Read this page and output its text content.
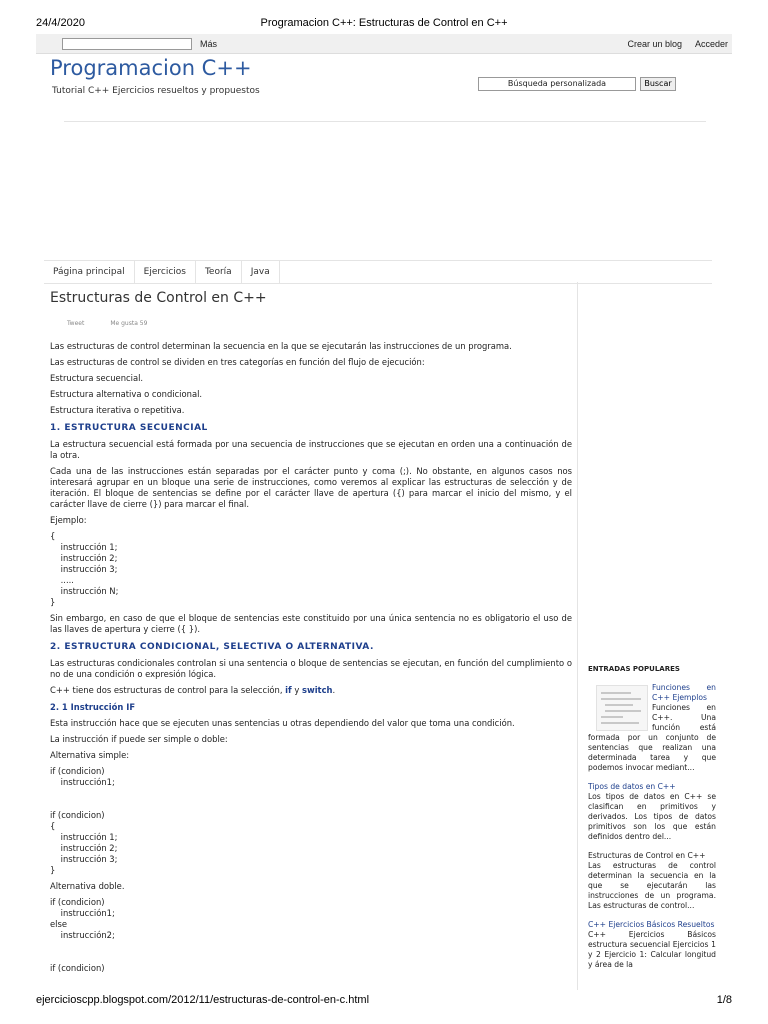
24/4/2020	Programacion C++: Estructuras de Control en C++
Más	Crear un blog Acceder
Programacion C++
Tutorial C++ Ejercicios resueltos y propuestos
Búsqueda personalizada	Buscar
Página principal	Ejercicios	Teoría	Java
Estructuras de Control en C++
Tweet	Me gusta 59
Las estructuras de control determinan la secuencia en la que se ejecutarán las instrucciones de un programa.
Las estructuras de control se dividen en tres categorías en función del flujo de ejecución:
Estructura secuencial.
Estructura alternativa o condicional.
Estructura iterativa o repetitiva.
1. ESTRUCTURA SECUENCIAL
La estructura secuencial está formada por una secuencia de instrucciones que se ejecutan en orden una a continuación de la otra.
Cada una de las instrucciones están separadas por el carácter punto y coma (;). No obstante, en algunos casos nos interesará agrupar en un bloque una serie de instrucciones, como veremos al explicar las estructuras de selección y de iteración. El bloque de sentencias se define por el carácter llave de apertura ({) para marcar el inicio del mismo, y el carácter llave de cierre (}) para marcar el final.
Ejemplo:
{
instrucción 1;
instrucción 2;
instrucción 3;
.....
instrucción N;
}
Sin embargo, en caso de que el bloque de sentencias este constituido por una única sentencia no es obligatorio el uso de las llaves de apertura y cierre ({ }).
2. ESTRUCTURA CONDICIONAL, SELECTIVA O ALTERNATIVA.
Las estructuras condicionales controlan si una sentencia o bloque de sentencias se ejecutan, en función del cumplimiento o no de una condición o expresión lógica.
C++ tiene dos estructuras de control para la selección, if y switch.
2. 1 Instrucción IF
Esta instrucción hace que se ejecuten unas sentencias u otras dependiendo del valor que toma una condición.
La instrucción if puede ser simple o doble:
Alternativa simple:
if (condicion)
instrucción1;

if (condicion)
{
instrucción 1;
instrucción 2;
instrucción 3;
}
Alternativa doble.
if (condicion)
instrucción1;
else
instrucción2;

if (condicion)
ENTRADAS POPULARES
Funciones en C++ Ejemplos
Funciones en C++. Una función está formada por un conjunto de sentencias que realizan una determinada tarea y que podemos invocar mediant...
Tipos de datos en C++
Los tipos de datos en C++ se clasifican en primitivos y derivados. Los tipos de datos primitivos son los que están definidos dentro del...
Estructuras de Control en C++
Las estructuras de control determinan la secuencia en la que se ejecutarán las instrucciones de un programa. Las estructuras de control...
C++ Ejercicios Básicos Resueltos
C++ Ejercicios Básicos estructura secuencial Ejercicios 1 y 2 Ejercicio 1: Calcular longitud y área de la
ejercicioscpp.blogspot.com/2012/11/estructuras-de-control-en-c.html	1/8
